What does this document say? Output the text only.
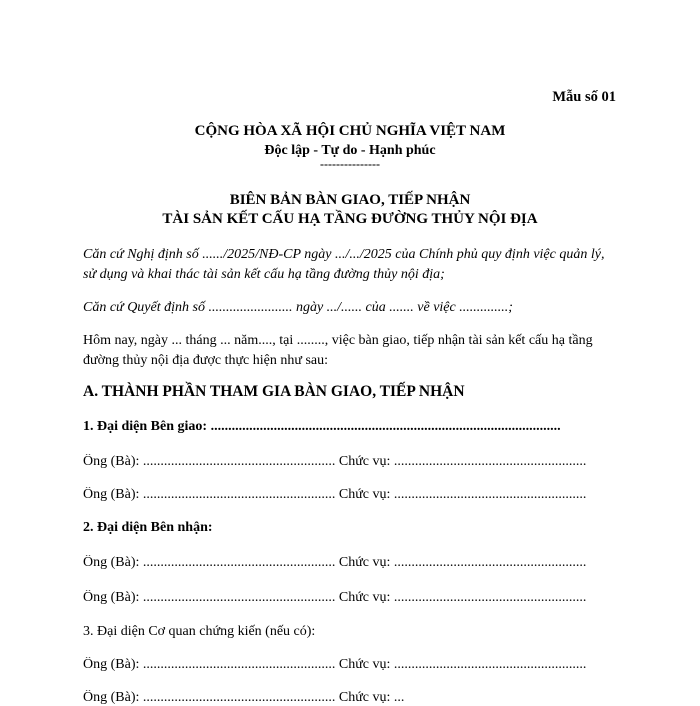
Mẫu số 01
CỘNG HÒA XÃ HỘI CHỦ NGHĨA VIỆT NAM
Độc lập - Tự do - Hạnh phúc
---------------
BIÊN BẢN BÀN GIAO, TIẾP NHẬN
TÀI SẢN KẾT CẤU HẠ TẦNG ĐƯỜNG THỦY NỘI ĐỊA
Căn cứ Nghị định số ....../2025/NĐ-CP ngày .../.../2025 của Chính phủ quy định việc quản lý, sử dụng và khai thác tài sản kết cấu hạ tầng đường thủy nội địa;
Căn cứ Quyết định số ........................ ngày .../...... của ....... về việc ..............;
Hôm nay, ngày ... tháng ... năm...., tại ........, việc bàn giao, tiếp nhận tài sản kết cấu hạ tầng đường thủy nội địa được thực hiện như sau:
A. THÀNH PHẦN THAM GIA BÀN GIAO, TIẾP NHẬN
1. Đại diện Bên giao: ....................................................................................................
Ông (Bà): ....................................................... Chức vụ: .......................................................
Ông (Bà): ....................................................... Chức vụ: .......................................................
2. Đại diện Bên nhận:
Ông (Bà): ....................................................... Chức vụ: .......................................................
Ông (Bà): ....................................................... Chức vụ: .......................................................
3. Đại diện Cơ quan chứng kiến (nếu có):
Ông (Bà): ....................................................... Chức vụ: .......................................................
Ông (Bà): ....................................................... Chức vụ: ...
